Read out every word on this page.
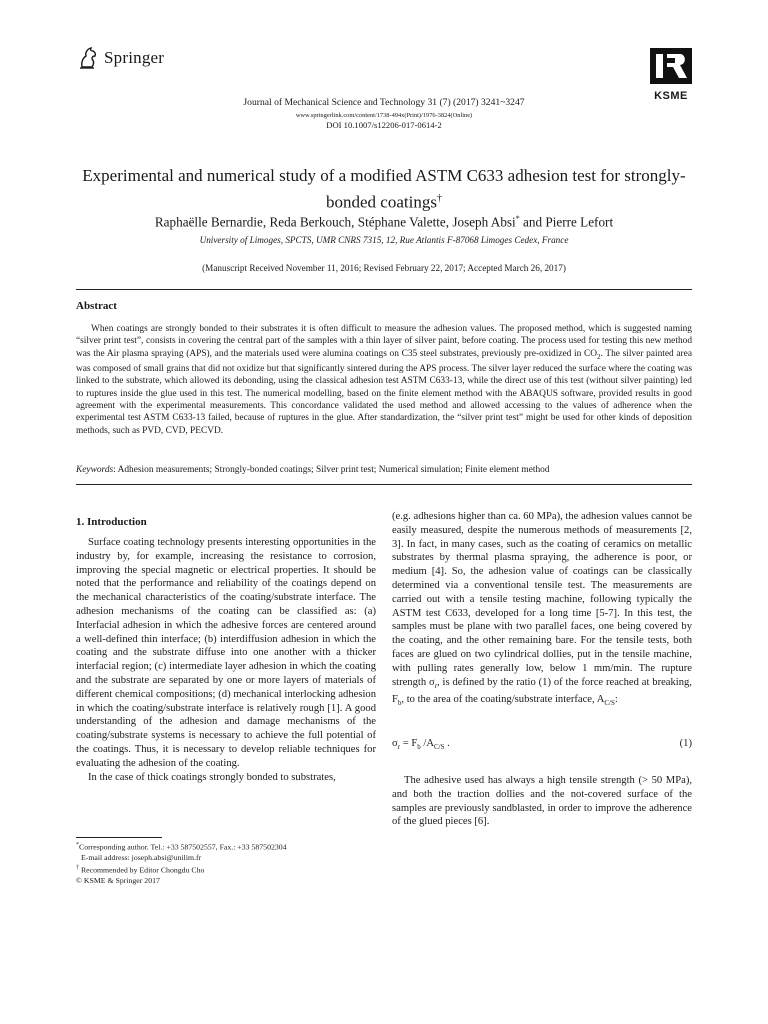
Springer
KSME
Journal of Mechanical Science and Technology 31 (7) (2017) 3241~3247
www.springerlink.com/content/1738-494x(Print)/1976-3824(Online)
DOI 10.1007/s12206-017-0614-2
Experimental and numerical study of a modified ASTM C633 adhesion test for strongly-bonded coatings†
Raphaëlle Bernardie, Reda Berkouch, Stéphane Valette, Joseph Absi* and Pierre Lefort
University of Limoges, SPCTS, UMR CNRS 7315, 12, Rue Atlantis F-87068 Limoges Cedex, France
(Manuscript Received November 11, 2016; Revised February 22, 2017; Accepted March 26, 2017)
Abstract
When coatings are strongly bonded to their substrates it is often difficult to measure the adhesion values. The proposed method, which is suggested naming “silver print test”, consists in covering the central part of the samples with a thin layer of silver paint, before coating. The process used for testing this new method was the Air plasma spraying (APS), and the materials used were alumina coatings on C35 steel substrates, previously pre-oxidized in $CO_2$. The silver painted area was composed of small grains that did not oxidize but that significantly sintered during the APS process. The silver layer reduced the surface where the coating was linked to the substrate, which allowed its debonding, using the classical adhesion test ASTM C633-13, while the direct use of this test (without silver painting) led to ruptures inside the glue used in this test. The numerical modelling, based on the finite element method with the ABAQUS software, provided results in good agreement with the experimental measurements. This concordance validated the used method and allowed accessing to the values of adherence when the experimental test ASTM C633-13 failed, because of ruptures in the glue. After standardization, the “silver print test” might be used for other kinds of deposition methods, such as PVD, CVD, PECVD.
Keywords: Adhesion measurements; Strongly-bonded coatings; Silver print test; Numerical simulation; Finite element method
1. Introduction

Surface coating technology presents interesting opportunities in the industry by, for example, increasing the resistance to corrosion, improving the special magnetic or electrical properties. It should be noted that the performance and reliability of the coatings depend on the mechanical characteristics of the coating/substrate interface. The adhesion mechanisms of the coating can be classified as: (a) Interfacial adhesion in which the adhesive forces are centered around a well-defined thin interface; (b) interdiffusion adhesion in which the coating and the substrate diffuse into one another with a thicker interfacial region; (c) intermediate layer adhesion in which the coating and the substrate are separated by one or more layers of materials of different chemical compositions; (d) mechanical interlocking adhesion in which the coating/substrate interface is relatively rough [1]. A good understanding of the adhesion and damage mechanisms of the coating/substrate systems is necessary to achieve the full potential of the coatings. Thus, it is necessary to develop reliable techniques for evaluating the adhesion of the coating.

In the case of thick coatings strongly bonded to substrates,

(e.g. adhesions higher than ca. 60 MPa), the adhesion values cannot be easily measured, despite the numerous methods of measurements [2, 3]. In fact, in many cases, such as the coating of ceramics on metallic substrates by thermal plasma spraying, the adherence is poor, or medium [4]. So, the adhesion value of coatings can be classically determined via a conventional tensile test. The measurements are carried out with a tensile testing machine, following typically the ASTM test C633, developed for a long time [5-7]. In this test, the samples must be plane with two parallel faces, one being covered by the coating, and the other remaining bare. For the tensile tests, both faces are glued on two cylindrical dollies, put in the tensile machine, with pulling rates generally low, below 1 mm/min. The rupture strength $\sigma_r$, is defined by the ratio (1) of the force reached at breaking, $F_b$, to the area of the coating/substrate interface, $A_{C/S}$:

$\sigma_r = F_b$ $/A_{C/S}$ .	(1)

The adhesive used has always a high tensile strength (> 50 MPa), and both the traction dollies and the not-covered surface of the samples are previously sandblasted, in order to improve the adherence of the glued pieces [6].

*Corresponding author. Tel.: +33 587502557, Fax.: +33 587502304
E-mail address: joseph.absi@unilim.fr
† Recommended by Editor Chongdu Cho
© KSME & Springer 2017
